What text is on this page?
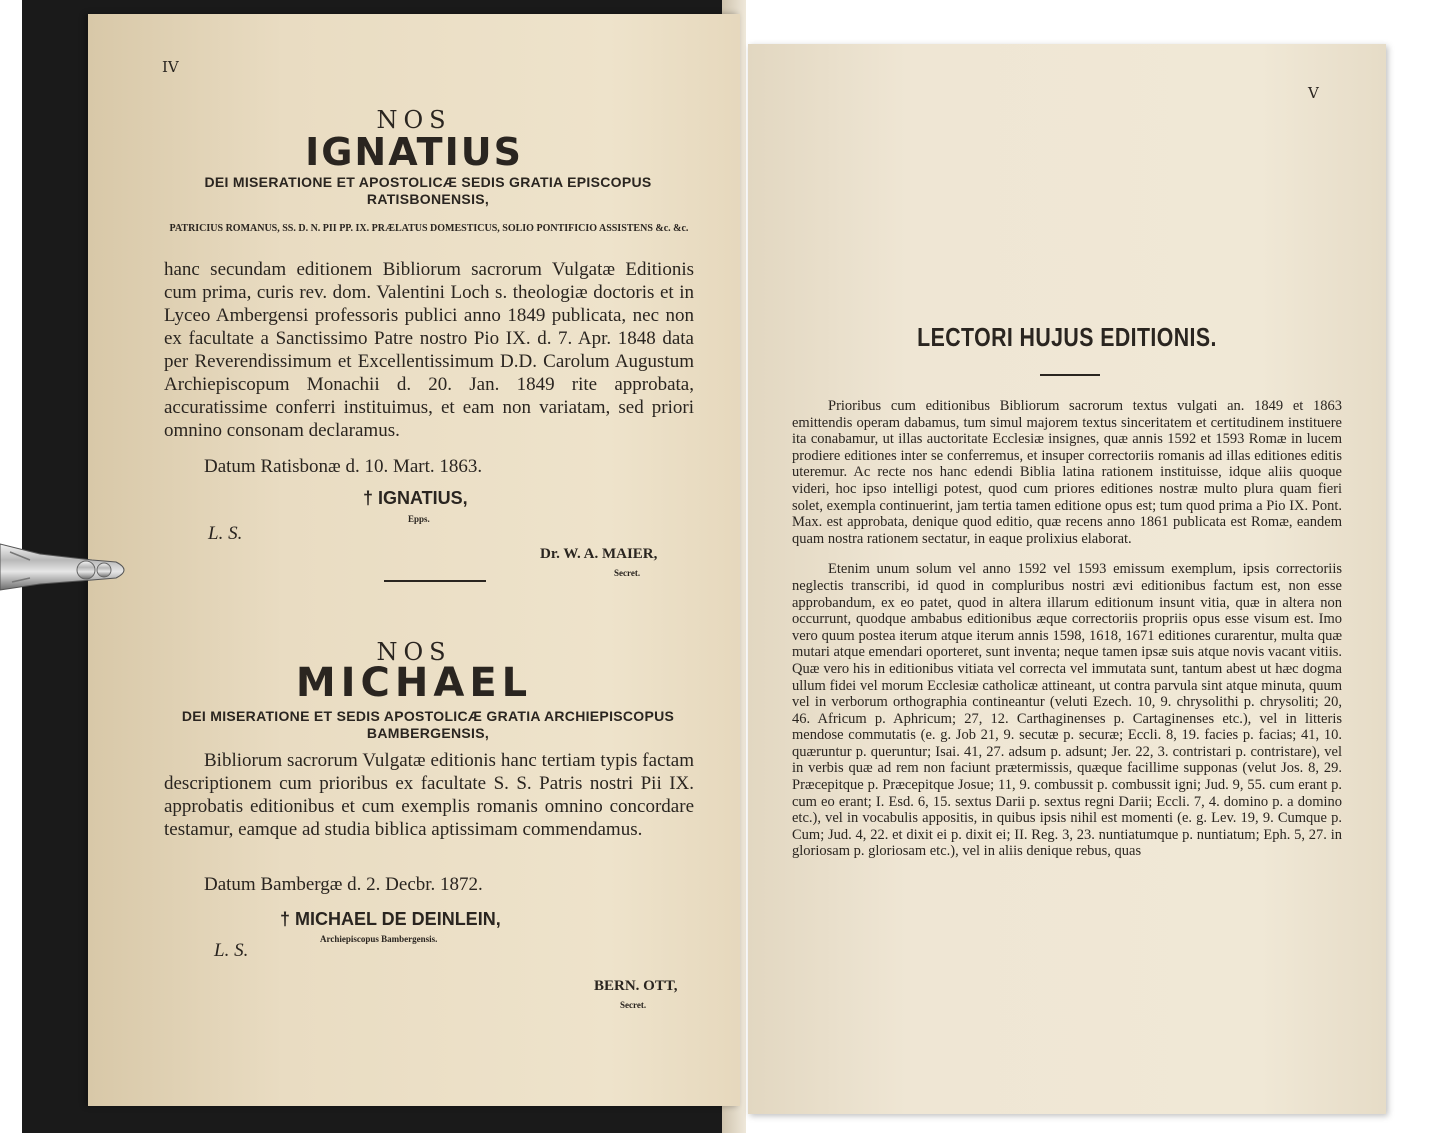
IV
NOS
IGNATIUS
DEI MISERATIONE ET APOSTOLICÆ SEDIS GRATIA EPISCOPUS
RATISBONENSIS,
PATRICIUS ROMANUS, SS. D. N. PII PP. IX. PRÆLATUS DOMESTICUS, SOLIO PONTIFICIO ASSISTENS &c. &c.

hanc secundam editionem Bibliorum sacrorum Vulgatæ Editionis cum prima, curis rev. dom. Valentini Loch s. theologiæ doctoris et in Lyceo Ambergensi professoris publici anno 1849 publicata, nec non ex facultate a Sanctissimo Patre nostro Pio IX. d. 7. Apr. 1848 data per Reverendissimum et Excellentissimum D.D. Carolum Augustum Archiepiscopum Monachii d. 20. Jan. 1849 rite approbata, accuratissime conferri instituimus, et eam non variatam, sed priori omnino consonam declaramus.

Datum Ratisbonæ d. 10. Mart. 1863.
† IGNATIUS,
Epps.
L. S.
Dr. W. A. MAIER,
Secret.
NOS
MICHAEL
DEI MISERATIONE ET SEDIS APOSTOLICÆ GRATIA ARCHIEPISCOPUS
BAMBERGENSIS,

Bibliorum sacrorum Vulgatæ editionis hanc tertiam typis factam descriptionem cum prioribus ex facultate S. S. Patris nostri Pii IX. approbatis editionibus et cum exemplis romanis omnino concordare testamur, eamque ad studia biblica aptissimam commendamus.

Datum Bambergæ d. 2. Decbr. 1872.
† MICHAEL DE DEINLEIN,
Archiepiscopus Bambergensis.
L. S.
BERN. OTT,
Secret.
V
LECTORI HUJUS EDITIONIS.

Prioribus cum editionibus Bibliorum sacrorum textus vulgati an. 1849 et 1863 emittendis operam dabamus, tum simul majorem textus sinceritatem et certitudinem instituere ita conabamur, ut illas auctoritate Ecclesiæ insignes, quæ annis 1592 et 1593 Romæ in lucem prodiere editiones inter se conferremus, et insuper correctoriis romanis ad illas editiones editis uteremur. Ac recte nos hanc edendi Biblia latina rationem instituisse, idque aliis quoque videri, hoc ipso intelligi potest, quod cum priores editiones nostræ multo plura quam fieri solet, exempla continuerint, jam tertia tamen editione opus est; tum quod prima a Pio IX. Pont. Max. est approbata, denique quod editio, quæ recens anno 1861 publicata est Romæ, eandem quam nostra rationem sectatur, in eaque prolixius elaborat.

Etenim unum solum vel anno 1592 vel 1593 emissum exemplum, ipsis correctoriis neglectis transcribi, id quod in compluribus nostri ævi editionibus factum est, non esse approbandum, ex eo patet, quod in altera illarum editionum insunt vitia, quæ in altera non occurrunt, quodque ambabus editionibus æque correctoriis propriis opus esse visum est. Imo vero quum postea iterum atque iterum annis 1598, 1618, 1671 editiones curarentur, multa quæ mutari atque emendari oporteret, sunt inventa; neque tamen ipsæ suis atque novis vacant vitiis. Quæ vero his in editionibus vitiata vel correcta vel immutata sunt, tantum abest ut hæc dogma ullum fidei vel morum Ecclesiæ catholicæ attineant, ut contra parvula sint atque minuta, quum vel in verborum orthographia contineantur (veluti Ezech. 10, 9. chrysolithi p. chrysoliti; 20, 46. Africum p. Aphricum; 27, 12. Carthaginenses p. Cartaginenses etc.), vel in litteris mendose commutatis (e. g. Job 21, 9. secutæ p. securæ; Eccli. 8, 19. facies p. facias; 41, 10. quæruntur p. queruntur; Isai. 41, 27. adsum p. adsunt; Jer. 22, 3. contristari p. contristare), vel in verbis quæ ad rem non faciunt prætermissis, quæque facillime supponas (velut Jos. 8, 29. Præcepitque p. Præcepitque Josue; 11, 9. combussit p. combussit igni; Jud. 9, 55. cum erant p. cum eo erant; I. Esd. 6, 15. sextus Darii p. sextus regni Darii; Eccli. 7, 4. domino p. a domino etc.), vel in vocabulis appositis, in quibus ipsis nihil est momenti (e. g. Lev. 19, 9. Cumque p. Cum; Jud. 4, 22. et dixit ei p. dixit ei; II. Reg. 3, 23. nuntiatumque p. nuntiatum; Eph. 5, 27. in gloriosam p. gloriosam etc.), vel in aliis denique rebus, quas
